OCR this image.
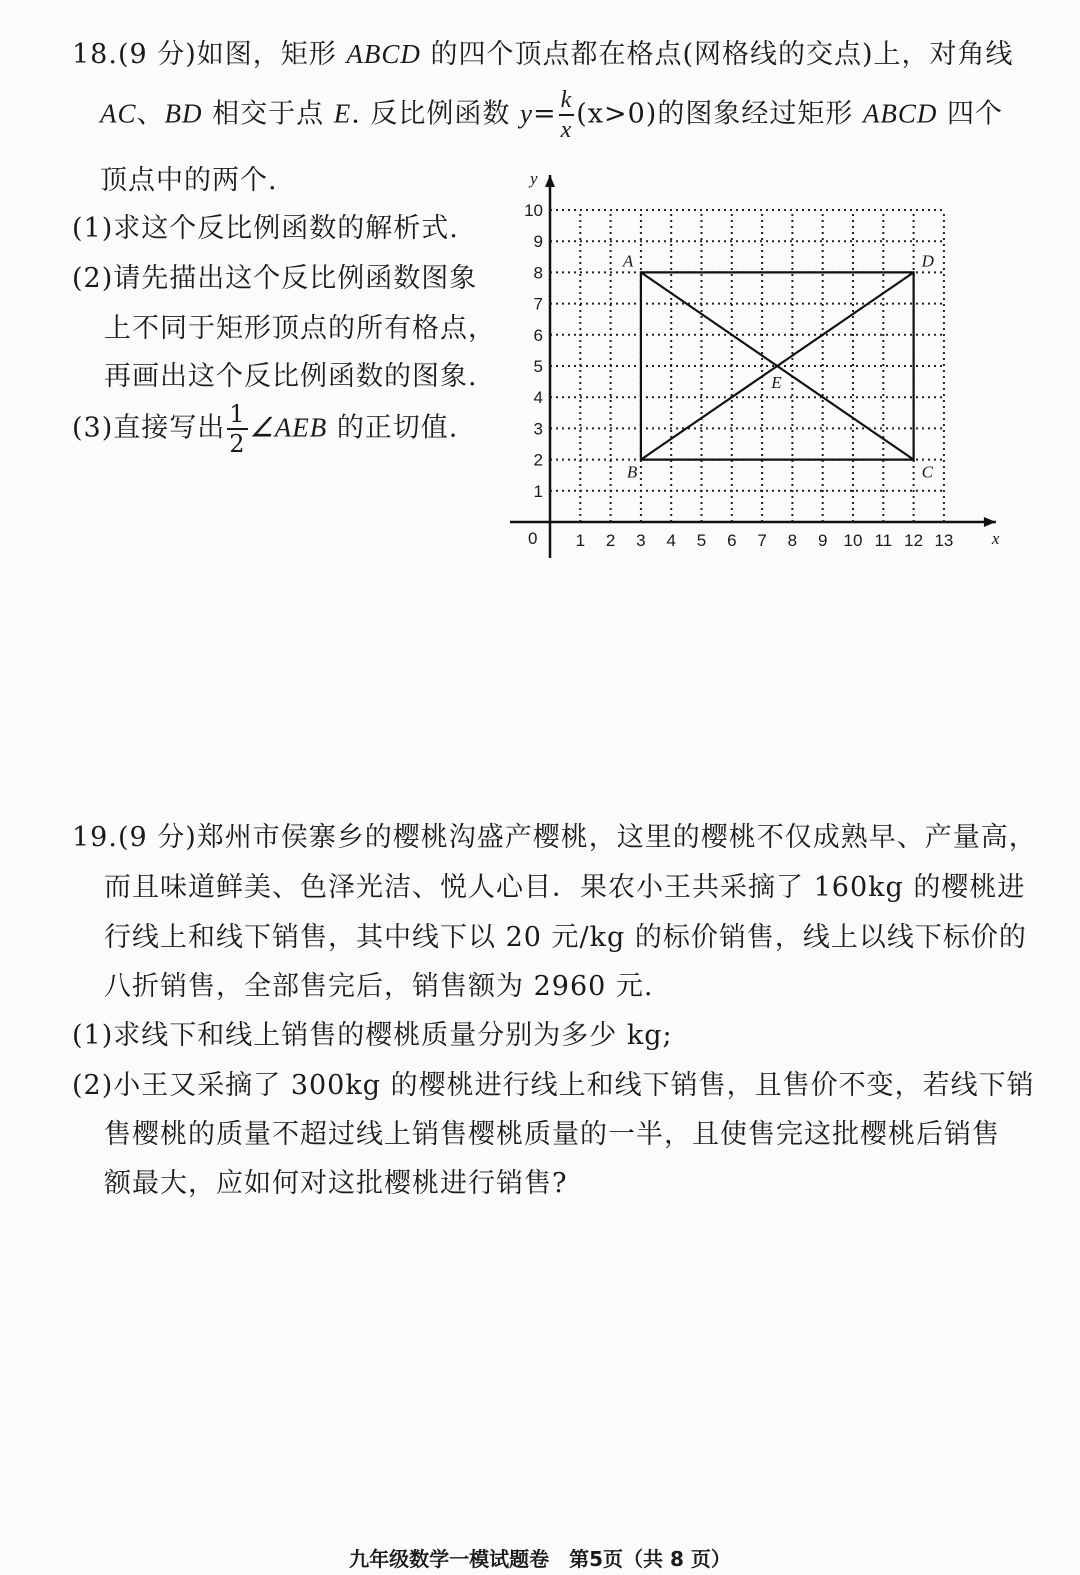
18.(9 分)如图，矩形 ABCD 的四个顶点都在格点(网格线的交点)上，对角线
AC、BD 相交于点 E. 反比例函数 $y= \frac{k}{x} (x>0)$的图象经过矩形 ABCD 四个
顶点中的两个.
(1)求这个反比例函数的解析式.
(2)请先描出这个反比例函数图象
上不同于矩形顶点的所有格点，
再画出这个反比例函数的图象.
(3)直接写出 $\frac{1}{2}$ ∠AEB 的正切值.
x
y
0 1 2 3 4 5 6 7 8 9 10 11 12 13
1
2
3
4
5
6
7
8
9
10
A
B	C
D
E
19.(9 分)郑州市侯寨乡的樱桃沟盛产樱桃，这里的樱桃不仅成熟早、产量高，
而且味道鲜美、色泽光洁、悦人心目．果农小王共采摘了 160kg 的樱桃进
行线上和线下销售，其中线下以 20 元/kg 的标价销售，线上以线下标价的
八折销售，全部售完后，销售额为 2960 元.
(1)求线下和线上销售的樱桃质量分别为多少 kg;
(2)小王又采摘了 300kg 的樱桃进行线上和线下销售，且售价不变，若线下销
售樱桃的质量不超过线上销售樱桃质量的一半，且使售完这批樱桃后销售
额最大，应如何对这批樱桃进行销售?
九年级数学一模试题卷　第5页（共 8 页）
